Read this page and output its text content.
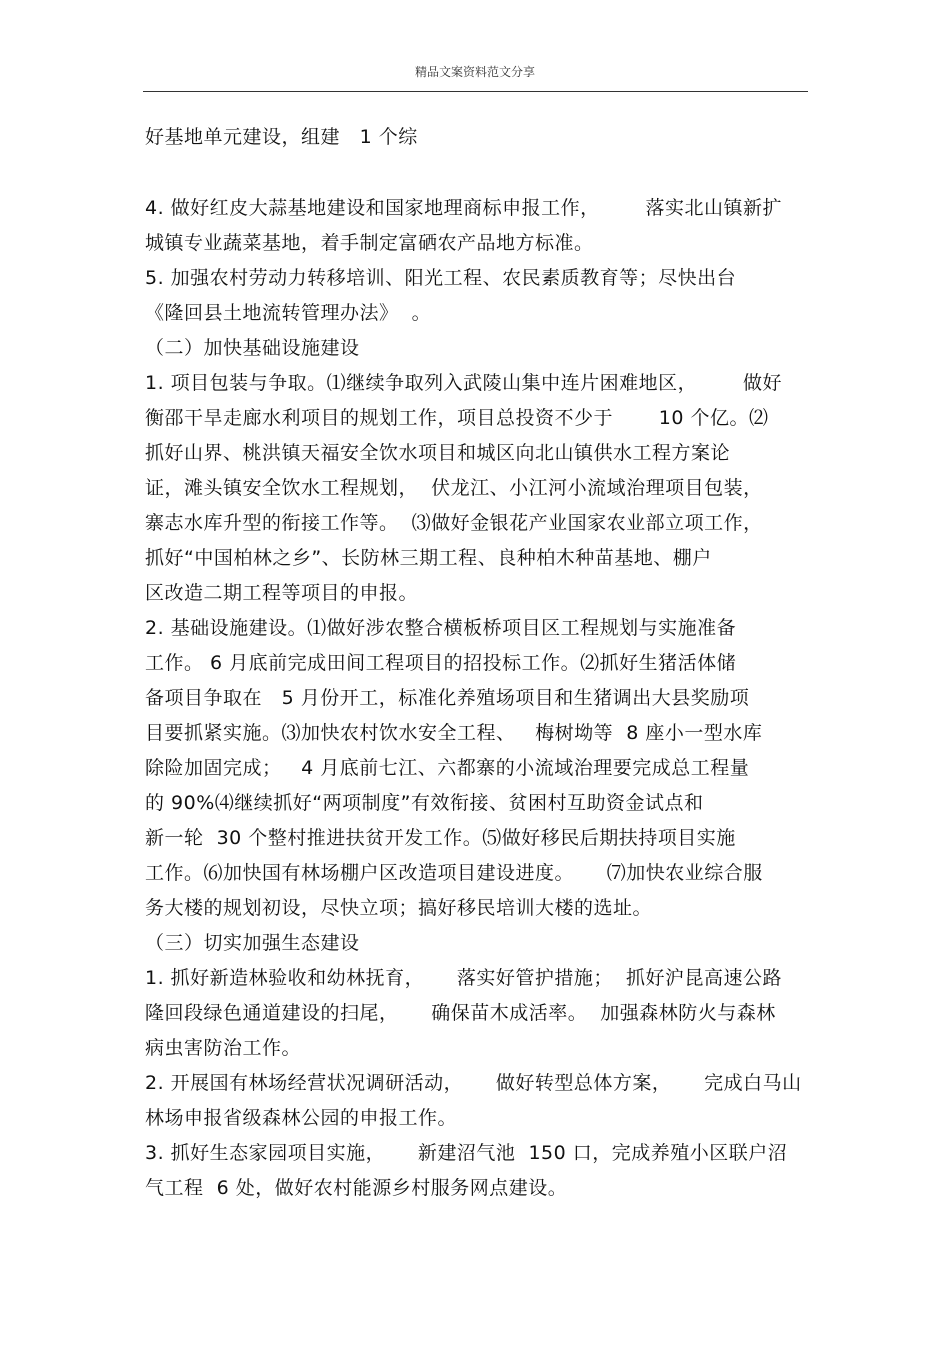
精品文案资料范文分享
好基地单元建设，组建   1 个综
4. 做好红皮大蒜基地建设和国家地理商标申报工作，       落实北山镇新扩
城镇专业蔬菜基地，着手制定富硒农产品地方标准。
5. 加强农村劳动力转移培训、阳光工程、农民素质教育等；尽快出台
《隆回县土地流转管理办法》  。
（二）加快基础设施建设
1. 项目包装与争取。⑴继续争取列入武陵山集中连片困难地区，       做好
衡邵干旱走廊水利项目的规划工作，项目总投资不少于       10 个亿。⑵
抓好山界、桃洪镇天福安全饮水项目和城区向北山镇供水工程方案论
证，滩头镇安全饮水工程规划，  伏龙江、小江河小流域治理项目包装，
寨志水库升型的衔接工作等。  ⑶做好金银花产业国家农业部立项工作，
抓好“中国柏林之乡”、长防林三期工程、良种柏木种苗基地、棚户
区改造二期工程等项目的申报。
2. 基础设施建设。⑴做好涉农整合横板桥项目区工程规划与实施准备
工作。 6 月底前完成田间工程项目的招投标工作。⑵抓好生猪活体储
备项目争取在   5 月份开工，标准化养殖场项目和生猪调出大县奖励项
目要抓紧实施。⑶加快农村饮水安全工程、   梅树坳等  8 座小一型水库
除险加固完成；   4 月底前七江、六都寨的小流域治理要完成总工程量
的 90%⑷继续抓好“两项制度”有效衔接、贫困村互助资金试点和
新一轮  30 个整村推进扶贫开发工作。⑸做好移民后期扶持项目实施
工作。⑹加快国有林场棚户区改造项目建设进度。     ⑺加快农业综合服
务大楼的规划初设，尽快立项；搞好移民培训大楼的选址。
（三）切实加强生态建设
1. 抓好新造林验收和幼林抚育，     落实好管护措施；  抓好沪昆高速公路
隆回段绿色通道建设的扫尾，     确保苗木成活率。  加强森林防火与森林
病虫害防治工作。
2. 开展国有林场经营状况调研活动，     做好转型总体方案，     完成白马山
林场申报省级森林公园的申报工作。
3. 抓好生态家园项目实施，     新建沼气池  150 口，完成养殖小区联户沼
气工程  6 处，做好农村能源乡村服务网点建设。
